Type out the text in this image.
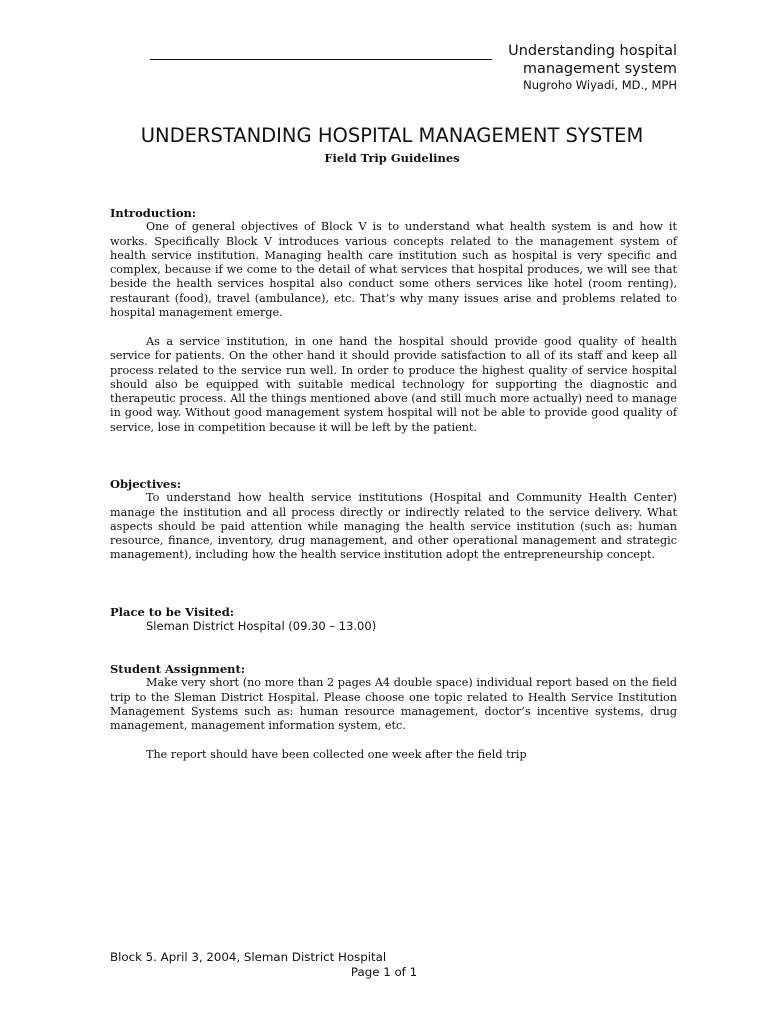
Understanding hospital management system
Nugroho Wiyadi, MD., MPH
UNDERSTANDING HOSPITAL MANAGEMENT SYSTEM
Field Trip Guidelines

Introduction:

One of general objectives of Block V is to understand what health system is and how it works. Specifically Block V introduces various concepts related to the management system of health service institution. Managing health care institution such as hospital is very specific and complex, because if we come to the detail of what services that hospital produces, we will see that beside the health services hospital also conduct some others services like hotel (room renting), restaurant (food), travel (ambulance), etc. That’s why many issues arise and problems related to hospital management emerge.

As a service institution, in one hand the hospital should provide good quality of health service for patients. On the other hand it should provide satisfaction to all of its staff and keep all process related to the service run well. In order to produce the highest quality of service hospital should also be equipped with suitable medical technology for supporting the diagnostic and therapeutic process. All the things mentioned above (and still much more actually) need to manage in good way. Without good management system hospital will not be able to provide good quality of service, lose in competition because it will be left by the patient.

Objectives:

To understand how health service institutions (Hospital and Community Health Center) manage the institution and all process directly or indirectly related to the service delivery. What aspects should be paid attention while managing the health service institution (such as: human resource, finance, inventory, drug management, and other operational management and strategic management), including how the health service institution adopt the entrepreneurship concept.

Place to be Visited:

Sleman District Hospital (09.30 – 13.00)

Student Assignment:

Make very short (no more than 2 pages A4 double space) individual report based on the field trip to the Sleman District Hospital. Please choose one topic related to Health Service Institution Management Systems such as: human resource management, doctor’s incentive systems, drug management, management information system, etc.

The report should have been collected one week after the field trip

Block 5. April 3, 2004, Sleman District Hospital
Page 1 of 1
